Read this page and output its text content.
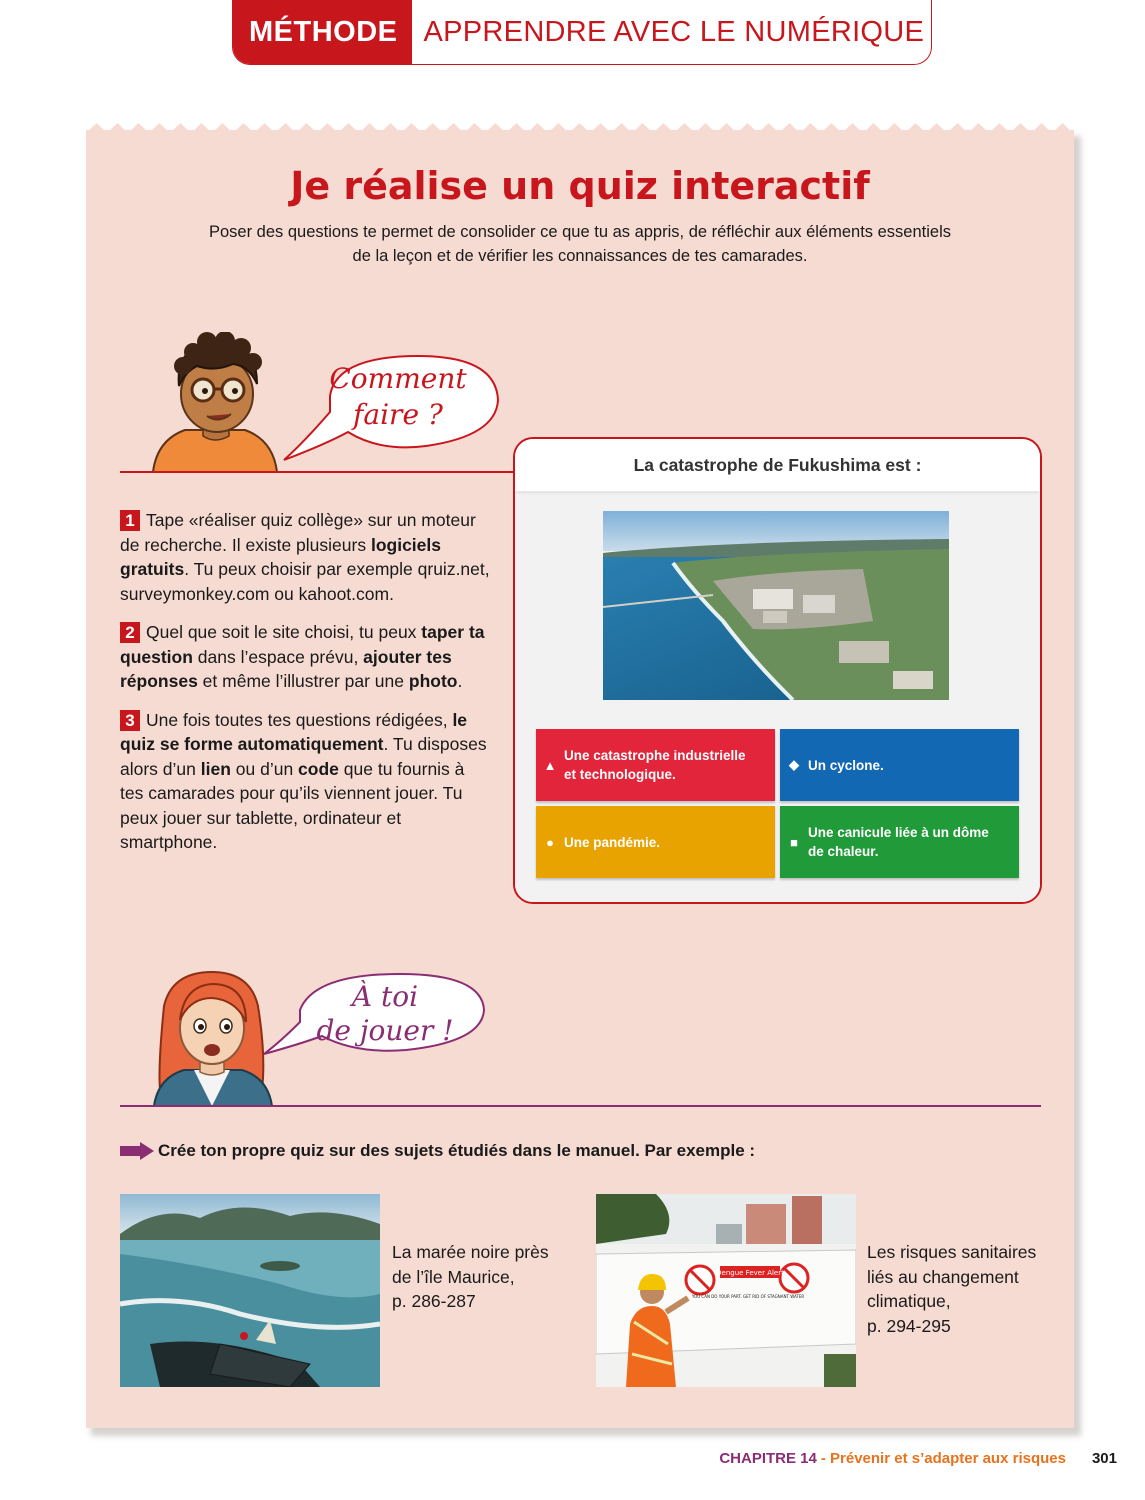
MÉTHODE APPRENDRE AVEC LE NUMÉRIQUE
Je réalise un quiz interactif
Poser des questions te permet de consolider ce que tu as appris, de réfléchir aux éléments essentiels
de la leçon et de vérifier les connaissances de tes camarades.
Comment
faire ?

1 Tape «réaliser quiz collège» sur un moteur de recherche. Il existe plusieurs logiciels gratuits. Tu peux choisir par exemple qruiz.net, surveymonkey.com ou kahoot.com.

2 Quel que soit le site choisi, tu peux taper ta question dans l’espace prévu, ajouter tes réponses et même l’illustrer par une photo.

3 Une fois toutes tes questions rédigées, le quiz se forme automatiquement. Tu disposes alors d’un lien ou d’un code que tu fournis à tes camarades pour qu’ils viennent jouer. Tu peux jouer sur tablette, ordinateur et smartphone.

La catastrophe de Fukushima est :
▲
Une catastrophe industrielle
et technologique.
◆ Un cyclone.
● Une pandémie.	■
Une canicule liée à un dôme
de chaleur.
À toi
de jouer !
Crée ton propre quiz sur des sujets étudiés dans le manuel. Par exemple :
La marée noire près
de l’île Maurice,
p. 286-287
Dengue Fever Alert
YOU CAN DO YOUR PART. GET RID OF STAGNANT WATER
Les risques sanitaires
liés au changement
climatique,
p. 294-295
CHAPITRE 14 - Prévenir et s’adapter aux risques 301
